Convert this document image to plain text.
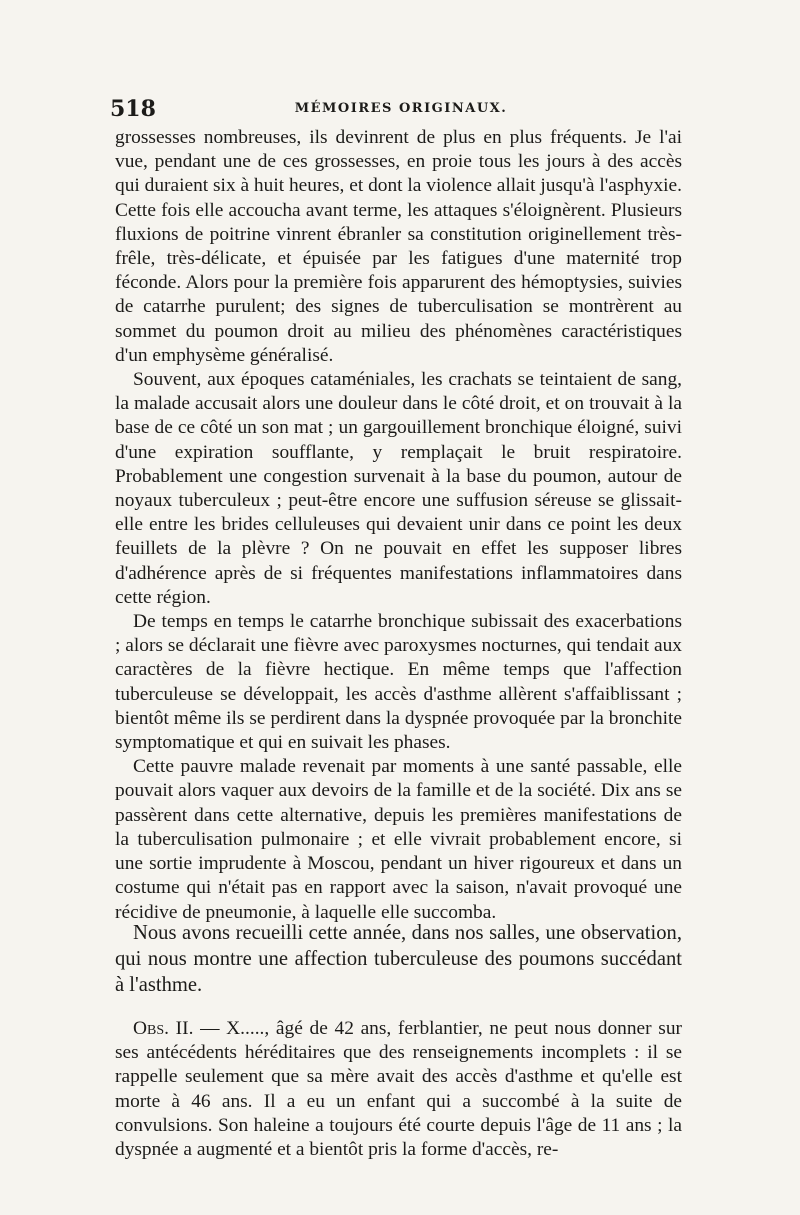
518	MÉMOIRES ORIGINAUX.

grossesses nombreuses, ils devinrent de plus en plus fréquents. Je l'ai vue, pendant une de ces grossesses, en proie tous les jours à des accès qui duraient six à huit heures, et dont la violence allait jusqu'à l'asphyxie. Cette fois elle accoucha avant terme, les attaques s'éloignèrent. Plusieurs fluxions de poitrine vinrent ébranler sa constitution originellement très-frêle, très-délicate, et épuisée par les fatigues d'une maternité trop féconde. Alors pour la première fois apparurent des hémoptysies, suivies de catarrhe purulent; des signes de tuberculisation se montrèrent au sommet du poumon droit au milieu des phénomènes caractéristiques d'un emphysème généralisé.

Souvent, aux époques cataméniales, les crachats se teintaient de sang, la malade accusait alors une douleur dans le côté droit, et on trouvait à la base de ce côté un son mat ; un gargouillement bronchique éloigné, suivi d'une expiration soufflante, y remplaçait le bruit respiratoire. Probablement une congestion survenait à la base du poumon, autour de noyaux tuberculeux ; peut-être encore une suffusion séreuse se glissait-elle entre les brides celluleuses qui devaient unir dans ce point les deux feuillets de la plèvre ? On ne pouvait en effet les supposer libres d'adhérence après de si fréquentes manifestations inflammatoires dans cette région.

De temps en temps le catarrhe bronchique subissait des exacerbations ; alors se déclarait une fièvre avec paroxysmes nocturnes, qui tendait aux caractères de la fièvre hectique. En même temps que l'affection tuberculeuse se développait, les accès d'asthme allèrent s'affaiblissant ; bientôt même ils se perdirent dans la dyspnée provoquée par la bronchite symptomatique et qui en suivait les phases.

Cette pauvre malade revenait par moments à une santé passable, elle pouvait alors vaquer aux devoirs de la famille et de la société. Dix ans se passèrent dans cette alternative, depuis les premières manifestations de la tuberculisation pulmonaire ; et elle vivrait probablement encore, si une sortie imprudente à Moscou, pendant un hiver rigoureux et dans un costume qui n'était pas en rapport avec la saison, n'avait provoqué une récidive de pneumonie, à laquelle elle succomba.

Nous avons recueilli cette année, dans nos salles, une observation, qui nous montre une affection tuberculeuse des poumons succédant à l'asthme.

Obs. II. — X....., âgé de 42 ans, ferblantier, ne peut nous donner sur ses antécédents héréditaires que des renseignements incomplets : il se rappelle seulement que sa mère avait des accès d'asthme et qu'elle est morte à 46 ans. Il a eu un enfant qui a succombé à la suite de convulsions. Son haleine a toujours été courte depuis l'âge de 11 ans ; la dyspnée a augmenté et a bientôt pris la forme d'accès, re-
